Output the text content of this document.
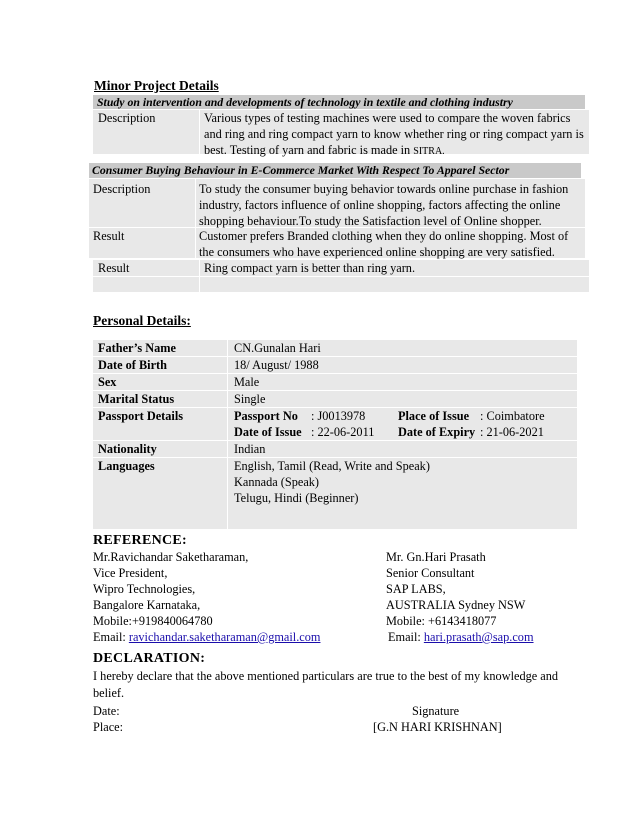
Minor Project Details
Study on intervention and developments of technology in textile and clothing industry
Description	Various types of testing machines were used to compare the woven fabrics and ring and ring compact yarn to know whether ring or ring compact yarn is best. Testing of yarn and fabric is made in SITRA.
Consumer Buying Behaviour in E-Commerce Market With Respect To Apparel Sector
Description	To study the consumer buying behavior towards online purchase in fashion industry, factors influence of online shopping, factors affecting the online shopping behaviour.To study the Satisfaction level of Online shopper.
Result	Customer prefers Branded clothing when they do online shopping. Most of the consumers who have experienced online shopping are very satisfied.
Result	Ring compact yarn is better than ring yarn.
Personal Details:
Father’s Name	CN.Gunalan Hari
Date of Birth	18/ August/ 1988
Sex	Male
Marital Status	Single
Passport Details	Passport No : J0013978	Place of Issue : Coimbatore
Date of Issue : 22-06-2011 Date of Expiry : 21-06-2021
Nationality	Indian
Languages	English, Tamil (Read, Write and Speak)
Kannada (Speak)
Telugu, Hindi (Beginner)
REFERENCE:
Mr.Ravichandar Saketharaman,
Vice President,
Wipro Technologies,
Bangalore Karnataka,
Mobile:+919840064780
Email: ravichandar.saketharaman@gmail.com
Mr. Gn.Hari Prasath
Senior Consultant
SAP LABS,
AUSTRALIA Sydney NSW
Mobile: +6143418077
Email: hari.prasath@sap.com
DECLARATION:
I hereby declare that the above mentioned particulars are true to the best of my knowledge and belief.
Date:
Place:
Signature
[G.N HARI KRISHNAN]
